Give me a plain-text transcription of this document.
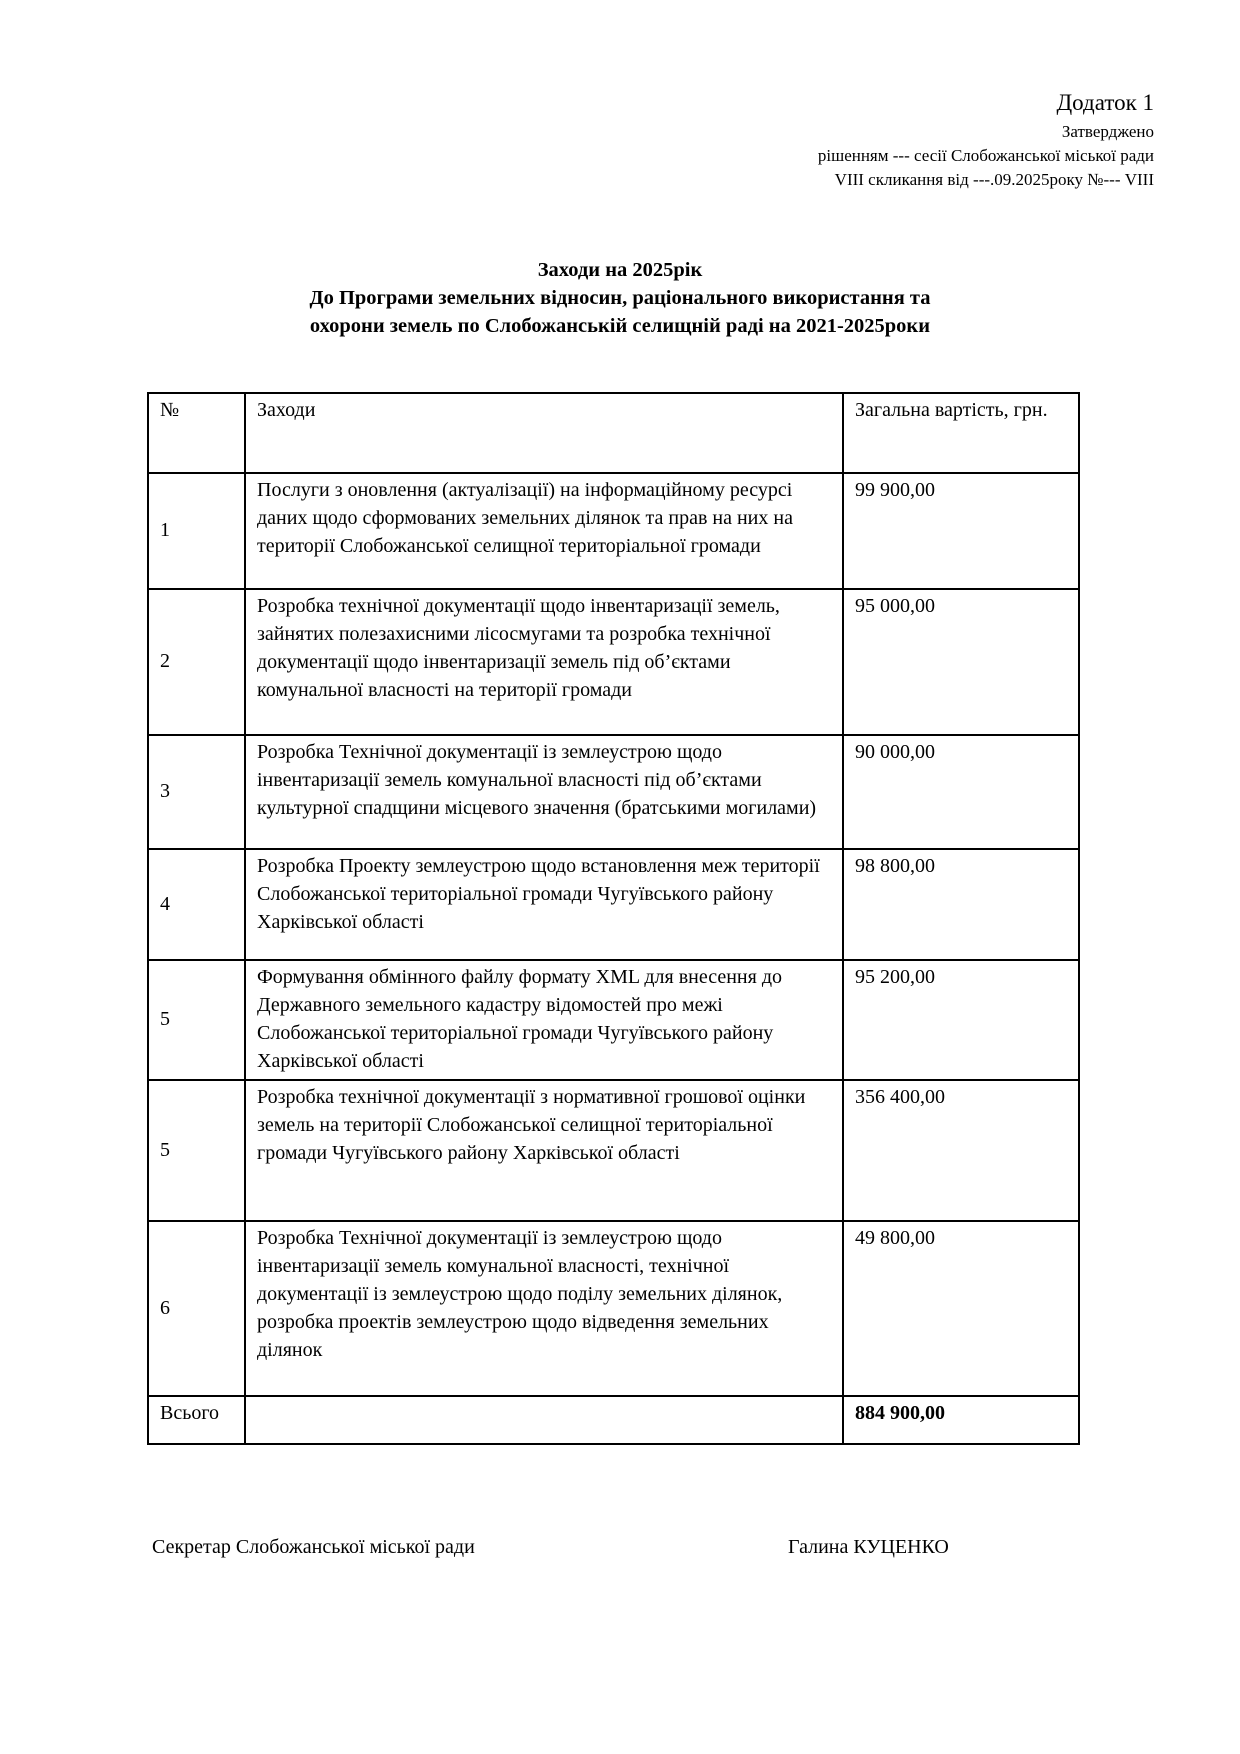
Додаток 1
Затверджено
рішенням --- сесії Слобожанської міської ради
VIII скликання від ---.09.2025року №--- VIII
Заходи на 2025рік
До Програми земельних відносин, раціонального використання та
охорони земель по Слобожанській селищній раді на 2021-2025роки
№	Заходи	Загальна вартість, грн.
1	Послуги з оновлення (актуалізації) на інформаційному ресурсі даних щодо сформованих земельних ділянок та прав на них на території Слобожанської селищної територіальної громади	99 900,00
2	Розробка технічної документації щодо інвентаризації земель, зайнятих полезахисними лісосмугами та розробка технічної документації щодо інвентаризації земель під об’єктами комунальної власності на території громади	95 000,00
3	Розробка Технічної документації із землеустрою щодо інвентаризації земель комунальної власності під об’єктами культурної спадщини місцевого значення (братськими могилами)	90 000,00
4	Розробка Проекту землеустрою щодо встановлення меж території Слобожанської територіальної громади Чугуївського району Харківської області	98 800,00
5	Формування обмінного файлу формату XML для внесення до Державного земельного кадастру відомостей про межі Слобожанської територіальної громади Чугуївського району Харківської області	95 200,00
5	Розробка технічної документації з нормативної грошової оцінки земель на території Слобожанської селищної територіальної громади Чугуївського району Харківської області	356 400,00
6	Розробка Технічної документації із землеустрою щодо інвентаризації земель комунальної власності, технічної документації із землеустрою щодо поділу земельних ділянок, розробка проектів землеустрою щодо відведення земельних ділянок	49 800,00
Всього		884 900,00
Секретар Слобожанської міської ради	Галина КУЦЕНКО
